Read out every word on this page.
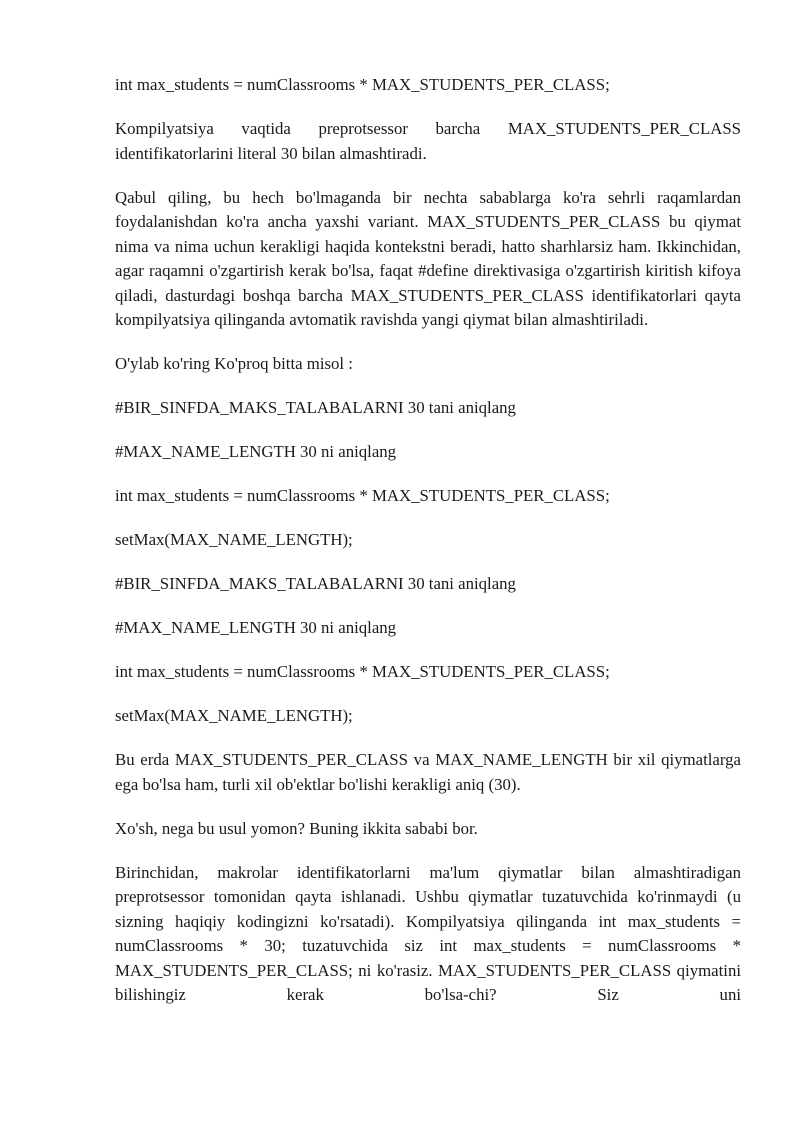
int max_students = numClassrooms * MAX_STUDENTS_PER_CLASS;

Kompilyatsiya vaqtida preprotsessor barcha MAX_STUDENTS_PER_CLASS identifikatorlarini literal 30 bilan almashtiradi.

Qabul qiling, bu hech bo'lmaganda bir nechta sabablarga ko'ra sehrli raqamlardan foydalanishdan ko'ra ancha yaxshi variant. MAX_STUDENTS_PER_CLASS bu qiymat nima va nima uchun kerakligi haqida kontekstni beradi, hatto sharhlarsiz ham. Ikkinchidan, agar raqamni o'zgartirish kerak bo'lsa, faqat #define direktivasiga o'zgartirish kiritish kifoya qiladi, dasturdagi boshqa barcha MAX_STUDENTS_PER_CLASS identifikatorlari qayta kompilyatsiya qilinganda avtomatik ravishda yangi qiymat bilan almashtiriladi.

O'ylab ko'ring Ko'proq bitta misol :

#BIR_SINFDA_MAKS_TALABALARNI 30 tani aniqlang

#MAX_NAME_LENGTH 30 ni aniqlang

int max_students = numClassrooms * MAX_STUDENTS_PER_CLASS;

setMax(MAX_NAME_LENGTH);

#BIR_SINFDA_MAKS_TALABALARNI 30 tani aniqlang

#MAX_NAME_LENGTH 30 ni aniqlang

int max_students = numClassrooms * MAX_STUDENTS_PER_CLASS;

setMax(MAX_NAME_LENGTH);

Bu erda MAX_STUDENTS_PER_CLASS va MAX_NAME_LENGTH bir xil qiymatlarga ega bo'lsa ham, turli xil ob'ektlar bo'lishi kerakligi aniq (30).

Xo'sh, nega bu usul yomon? Buning ikkita sababi bor.

Birinchidan, makrolar identifikatorlarni ma'lum qiymatlar bilan almashtiradigan preprotsessor tomonidan qayta ishlanadi. Ushbu qiymatlar tuzatuvchida ko'rinmaydi (u sizning haqiqiy kodingizni ko'rsatadi). Kompilyatsiya qilinganda int max_students = numClassrooms * 30; tuzatuvchida siz int max_students = numClassrooms * MAX_STUDENTS_PER_CLASS; ni ko'rasiz. MAX_STUDENTS_PER_CLASS qiymatini bilishingiz kerak bo'lsa-chi? Siz uni
